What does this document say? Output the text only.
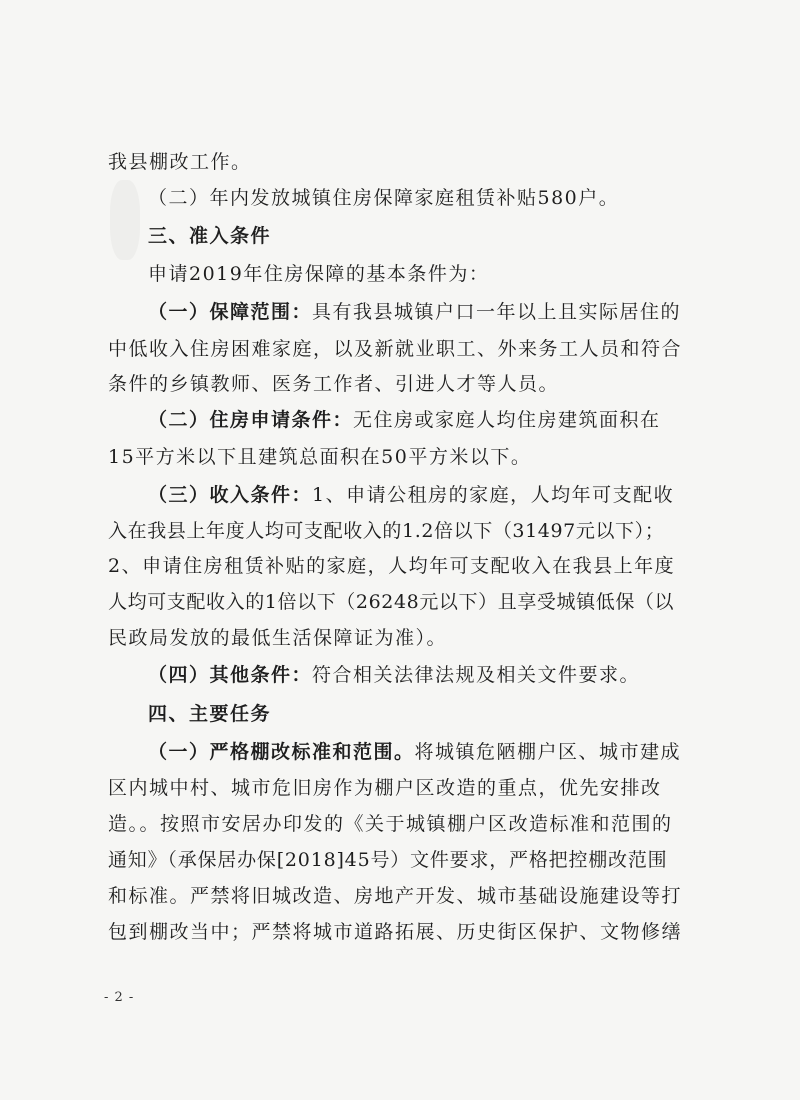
我县棚改工作。
（二）年内发放城镇住房保障家庭租赁补贴580户。
三、准入条件
申请2019年住房保障的基本条件为：
（一）保障范围：具有我县城镇户口一年以上且实际居住的
中低收入住房困难家庭，以及新就业职工、外来务工人员和符合
条件的乡镇教师、医务工作者、引进人才等人员。
（二）住房申请条件：无住房或家庭人均住房建筑面积在
15平方米以下且建筑总面积在50平方米以下。
（三）收入条件：1、申请公租房的家庭，人均年可支配收
入在我县上年度人均可支配收入的1.2倍以下（31497元以下）；
2、申请住房租赁补贴的家庭，人均年可支配收入在我县上年度
人均可支配收入的1倍以下（26248元以下）且享受城镇低保（以
民政局发放的最低生活保障证为准）。
（四）其他条件：符合相关法律法规及相关文件要求。
四、主要任务
（一）严格棚改标准和范围。将城镇危陋棚户区、城市建成
区内城中村、城市危旧房作为棚户区改造的重点，优先安排改
造。。按照市安居办印发的《关于城镇棚户区改造标准和范围的
通知》（承保居办保[2018]45号）文件要求，严格把控棚改范围
和标准。严禁将旧城改造、房地产开发、城市基础设施建设等打
包到棚改当中；严禁将城市道路拓展、历史街区保护、文物修缮
- 2 -
